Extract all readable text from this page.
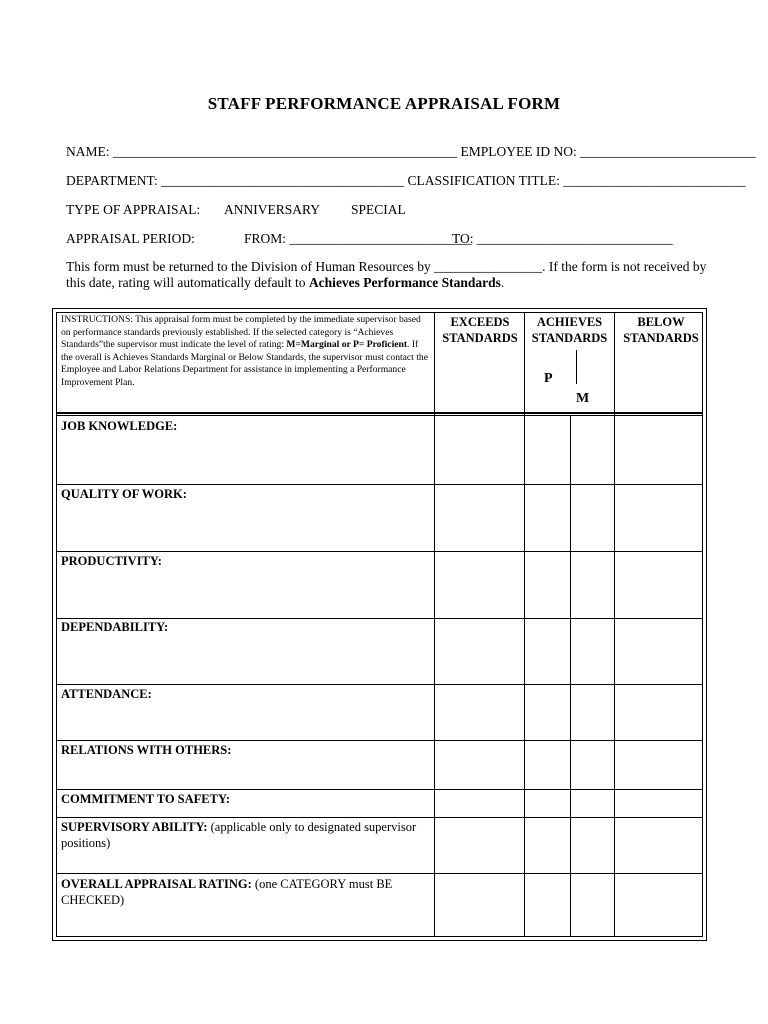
STAFF PERFORMANCE APPRAISAL FORM
NAME: ___________________________________________________ EMPLOYEE ID NO: __________________________
DEPARTMENT: ____________________________________ CLASSIFICATION TITLE: ___________________________
TYPE OF APPRAISAL: ANNIVERSARY SPECIAL
APPRAISAL PERIOD:	FROM: ___________________________
TO: _____________________________
This form must be returned to the Division of Human Resources by ________________. If the form is not received by this date, rating will automatically default to Achieves Performance Standards.
INSTRUCTIONS: This appraisal form must be completed by the immediate supervisor based on performance standards previously established. If the selected category is “Achieves Standards”the supervisor must indicate the level of rating: M=Marginal or P= Proficient. If the overall is Achieves Standards Marginal or Below Standards, the supervisor must contact the Employee and Labor Relations Department for assistance in implementing a Performance Improvement Plan.
EXCEEDS STANDARDS
ACHIEVES STANDARDS
BELOW STANDARDS
P
M
JOB KNOWLEDGE:
QUALITY OF WORK:
PRODUCTIVITY:
DEPENDABILITY:
ATTENDANCE:
RELATIONS WITH OTHERS:
COMMITMENT TO SAFETY:
SUPERVISORY ABILITY: (applicable only to designated supervisor positions)
OVERALL APPRAISAL RATING: (one CATEGORY must BE CHECKED)
